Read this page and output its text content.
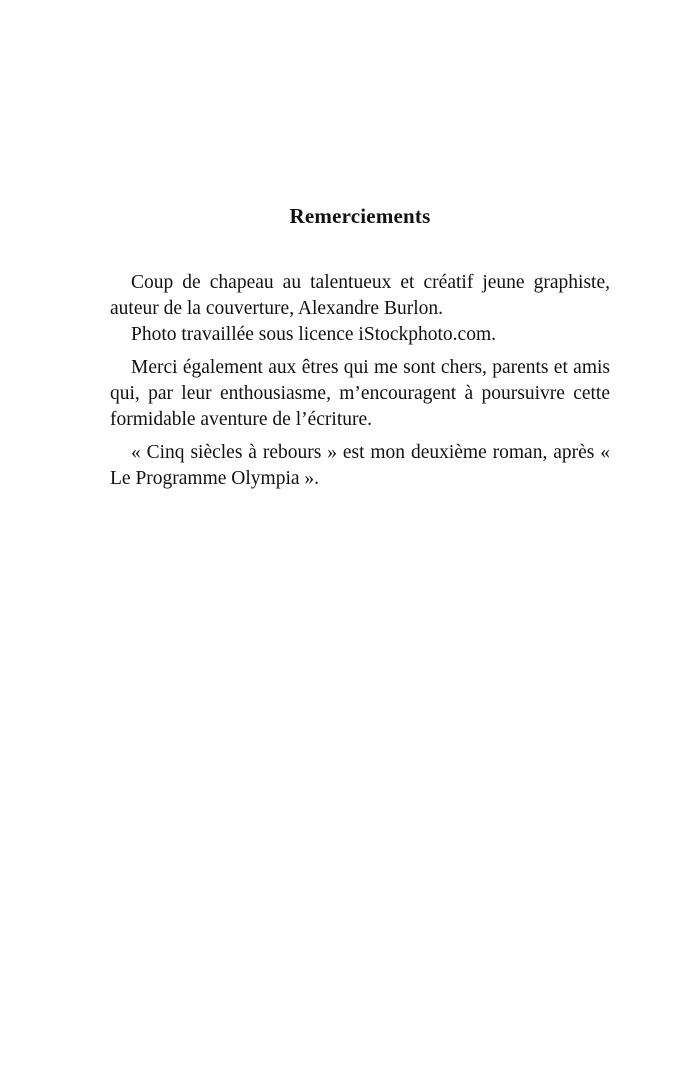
Remerciements

Coup de chapeau au talentueux et créatif jeune graphiste, auteur de la couverture, Alexandre Burlon.

Photo travaillée sous licence iStockphoto.com.

Merci également aux êtres qui me sont chers, parents et amis qui, par leur enthousiasme, m’encouragent à poursuivre cette formidable aventure de l’écriture.

« Cinq siècles à rebours » est mon deuxième roman, après « Le Programme Olympia ».
